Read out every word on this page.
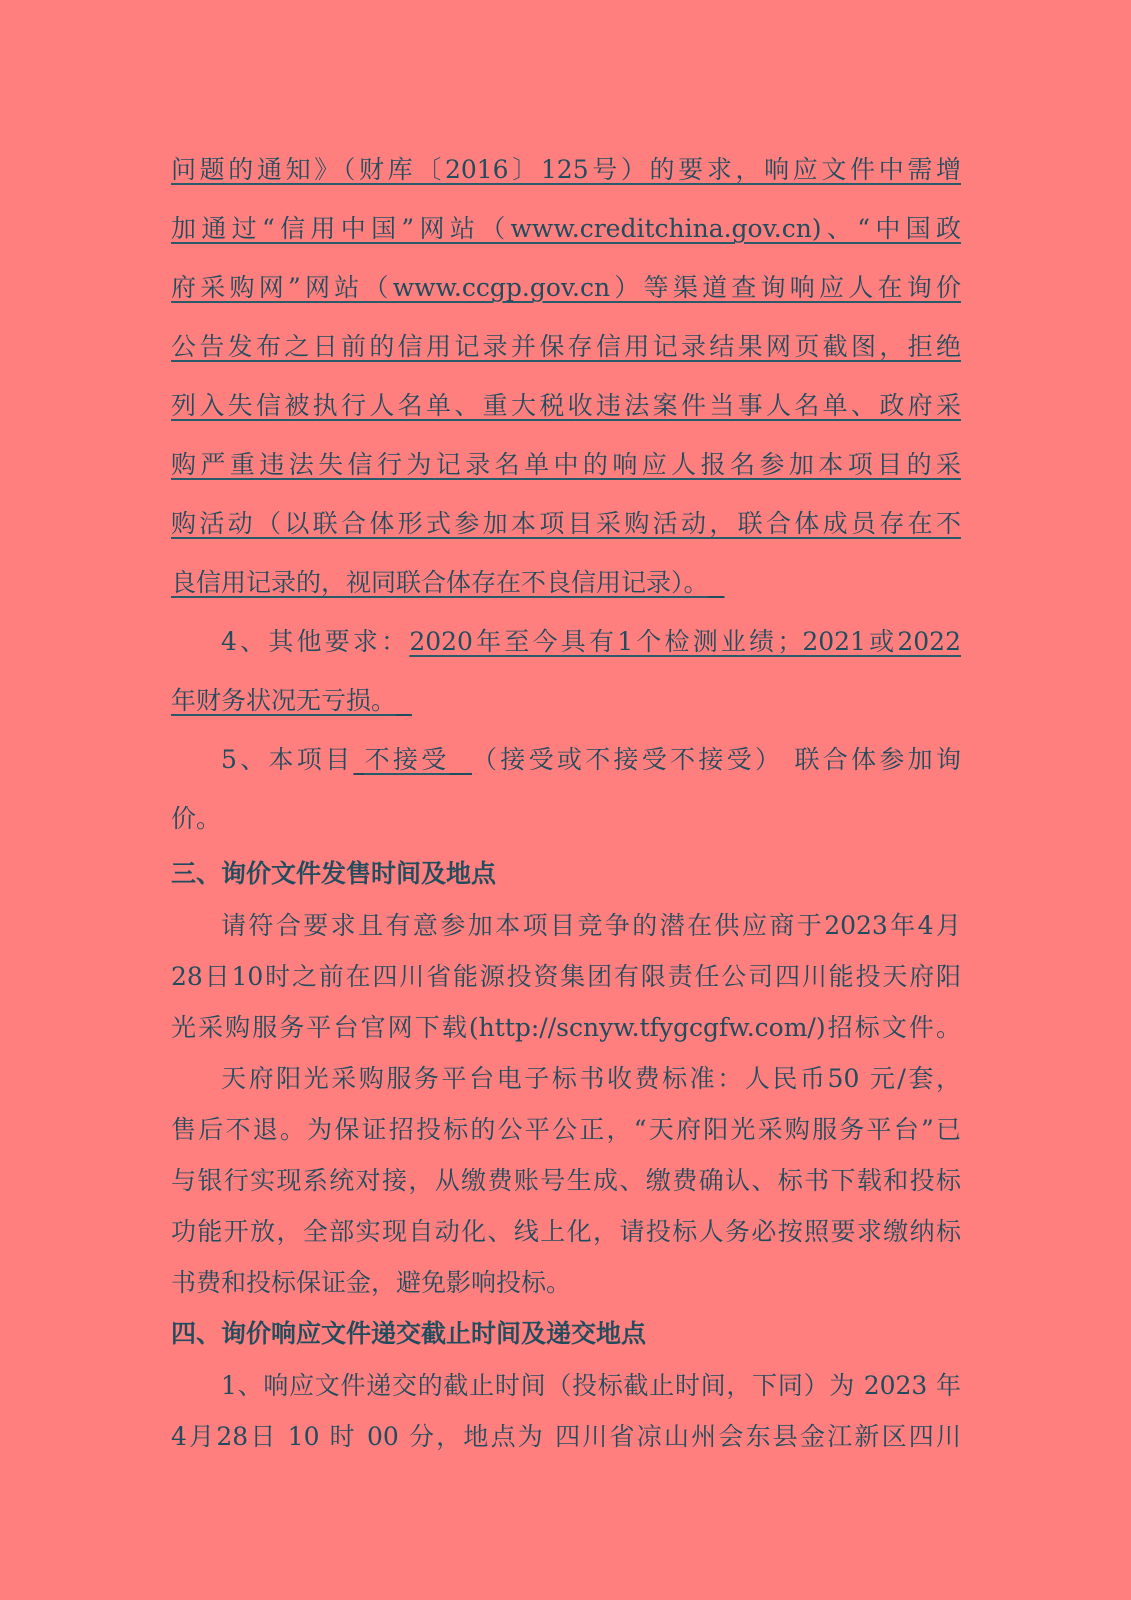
问题的通知》（财库〔2016〕125号）的要求，响应文件中需增
加通过“信用中国”网站（www.creditchina.gov.cn)、“中国政
府采购网”网站（www.ccgp.gov.cn）等渠道查询响应人在询价
公告发布之日前的信用记录并保存信用记录结果网页截图，拒绝
列入失信被执行人名单、重大税收违法案件当事人名单、政府采
购严重违法失信行为记录名单中的响应人报名参加本项目的采
购活动（以联合体形式参加本项目采购活动，联合体成员存在不
良信用记录的，视同联合体存在不良信用记录）。
4、其他要求：2020年至今具有1个检测业绩；2021或2022
年财务状况无亏损。
5、本项目 不接受 （接受或不接受不接受） 联合体参加询
价。
三、询价文件发售时间及地点
请符合要求且有意参加本项目竞争的潜在供应商于2023年4月
28日10时之前在四川省能源投资集团有限责任公司四川能投天府阳
光采购服务平台官网下载(http://scnyw.tfygcgfw.com/)招标文件。
天府阳光采购服务平台电子标书收费标准：人民币50 元/套，
售后不退。为保证招投标的公平公正，“天府阳光采购服务平台”已
与银行实现系统对接，从缴费账号生成、缴费确认、标书下载和投标
功能开放，全部实现自动化、线上化，请投标人务必按照要求缴纳标
书费和投标保证金，避免影响投标。
四、询价响应文件递交截止时间及递交地点
1、响应文件递交的截止时间（投标截止时间，下同）为 2023 年
4月28日 10 时 00 分，地点为 四川省凉山州会东县金江新区四川
